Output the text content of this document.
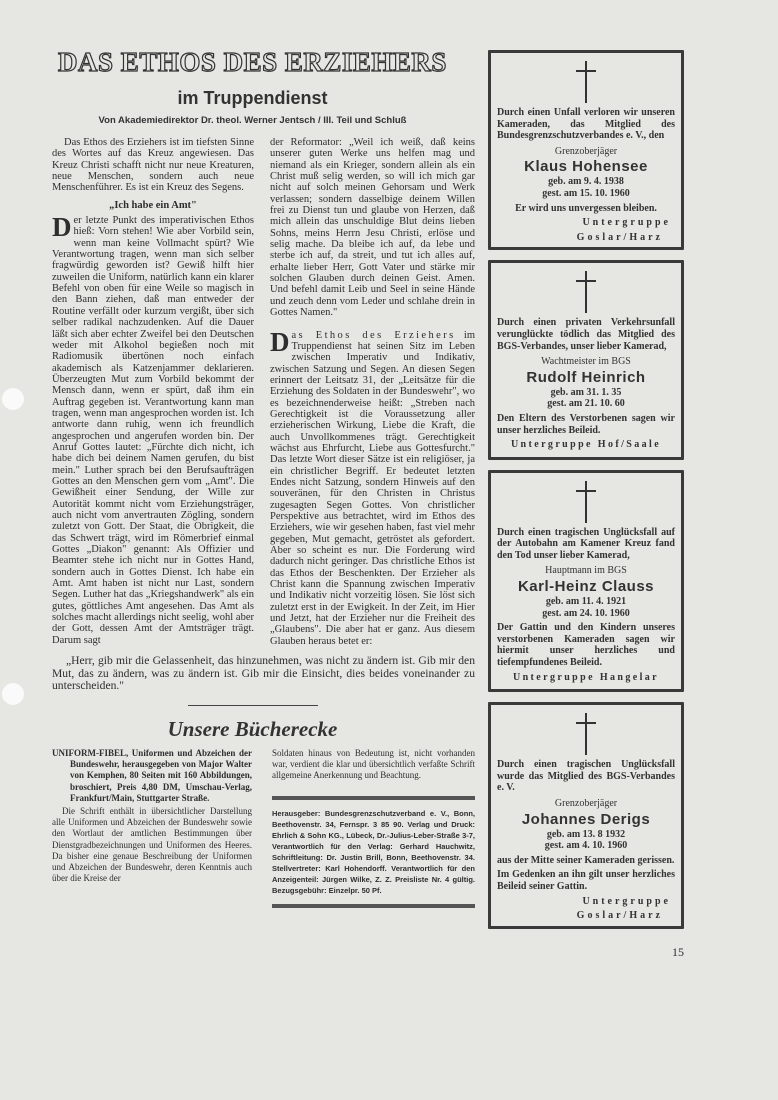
DAS ETHOS DES ERZIEHERS
im Truppendienst
Von Akademiedirektor Dr. theol. Werner Jentsch / III. Teil und Schluß

Das Ethos des Erziehers ist im tiefsten Sinne des Wortes auf das Kreuz angewiesen. Das Kreuz Christi schafft nicht nur neue Kreaturen, neue Menschen, sondern auch neue Menschenführer. Es ist ein Kreuz des Segens.

„Ich habe ein Amt"

Der letzte Punkt des imperativischen Ethos hieß: Vorn stehen! Wie aber Vorbild sein, wenn man keine Vollmacht spürt? Wie Verantwortung tragen, wenn man sich selber fragwürdig geworden ist? Gewiß hilft hier zuweilen die Uniform, natürlich kann ein klarer Befehl von oben für eine Weile so magisch in den Bann ziehen, daß man entweder der Routine verfällt oder kurzum vergißt, über sich selber radikal nachzudenken. Auf die Dauer läßt sich aber echter Zweifel bei den Deutschen weder mit Alkohol begießen noch mit Radiomusik übertönen noch einfach akademisch als Katzenjammer deklarieren. Überzeugten Mut zum Vorbild bekommt der Mensch dann, wenn er spürt, daß ihm ein Auftrag gegeben ist. Verantwortung kann man tragen, wenn man angesprochen worden ist. Ich antworte dann ruhig, wenn ich freundlich angesprochen und angerufen worden bin. Der Anruf Gottes lautet: „Fürchte dich nicht, ich habe dich bei deinem Namen gerufen, du bist mein." Luther sprach bei den Berufsaufträgen Gottes an den Menschen gern vom „Amt". Die Gewißheit einer Sendung, der Wille zur Autorität kommt nicht vom Erziehungsträger, auch nicht vom anvertrauten Zögling, sondern zuletzt von Gott. Der Staat, die Obrigkeit, die das Schwert trägt, wird im Römerbrief einmal Gottes „Diakon" genannt: Als Offizier und Beamter stehe ich nicht nur in Gottes Hand, sondern auch in Gottes Dienst. Ich habe ein Amt. Amt haben ist nicht nur Last, sondern Segen. Luther hat das „Kriegshandwerk" als ein gutes, göttliches Amt angesehen. Das Amt als solches macht allerdings nicht seelig, wohl aber der Gott, dessen Amt der Amtsträger trägt. Darum sagt

der Reformator: „Weil ich weiß, daß keins unserer guten Werke uns helfen mag und niemand als ein Krieger, sondern allein als ein Christ muß selig werden, so will ich mich gar nicht auf solch meinen Gehorsam und Werk verlassen; sondern dasselbige deinem Willen frei zu Dienst tun und glaube von Herzen, daß mich allein das unschuldige Blut deins lieben Sohns, meins Herrn Jesu Christi, erlöse und selig mache. Da bleibe ich auf, da lebe und sterbe ich auf, da streit, und tut ich alles auf, erhalte lieber Herr, Gott Vater und stärke mir solchen Glauben durch deinen Geist. Amen. Und befehl damit Leib und Seel in seine Hände und zeuch denn vom Leder und schlahe drein in Gottes Namen."

Das Ethos des Erziehers im Truppendienst hat seinen Sitz im Leben zwischen Imperativ und Indikativ, zwischen Satzung und Segen. An diesen Segen erinnert der Leitsatz 31, der „Leitsätze für die Erziehung des Soldaten in der Bundeswehr", wo es bezeichnenderweise heißt: „Streben nach Gerechtigkeit ist die Voraussetzung aller erzieherischen Wirkung, Liebe die Kraft, die auch Unvollkommenes trägt. Gerechtigkeit wächst aus Ehrfurcht, Liebe aus Gottesfurcht." Das letzte Wort dieser Sätze ist ein religiöser, ja ein christlicher Begriff. Er bedeutet letzten Endes nicht Satzung, sondern Hinweis auf den souveränen, für den Christen in Christus zugesagten Segen Gottes. Von christlicher Perspektive aus betrachtet, wird im Ethos des Erziehers, wie wir gesehen haben, fast viel mehr gegeben, Mut gemacht, getröstet als gefordert. Aber so scheint es nur. Die Forderung wird dadurch nicht geringer. Das christliche Ethos ist das Ethos der Beschenkten. Der Erzieher als Christ kann die Spannung zwischen Imperativ und Indikativ nicht vorzeitig lösen. Sie löst sich zuletzt erst in der Ewigkeit. In der Zeit, im Hier und Jetzt, hat der Erzieher nur die Freiheit des „Glaubens". Die aber hat er ganz. Aus diesem Glauben heraus betet er:

„Herr, gib mir die Gelassenheit, das hinzunehmen, was nicht zu ändern ist. Gib mir den Mut, das zu ändern, was zu ändern ist. Gib mir die Einsicht, dies beides voneinander zu unterscheiden."
Unsere Bücherecke
UNIFORM-FIBEL, Uniformen und Abzeichen der Bundeswehr, herausgegeben von Major Walter von Kemphen, 80 Seiten mit 160 Abbildungen, broschiert, Preis 4,80 DM, Umschau-Verlag, Frankfurt/Main, Stuttgarter Straße.
Die Schrift enthält in übersichtlicher Darstellung alle Uniformen und Abzeichen der Bundeswehr sowie den Wortlaut der amtlichen Bestimmungen über Dienstgradbezeichnungen und Uniformen des Heeres. Da bisher eine genaue Beschreibung der Uniformen und Abzeichen der Bundeswehr, deren Kenntnis auch über die Kreise der
Soldaten hinaus von Bedeutung ist, nicht vorhanden war, verdient die klar und übersichtlich verfaßte Schrift allgemeine Anerkennung und Beachtung.
Herausgeber: Bundesgrenzschutzverband e. V., Bonn, Beethovenstr. 34, Fernspr. 3 85 90. Verlag und Druck: Ehrlich & Sohn KG., Lübeck, Dr.-Julius-Leber-Straße 3-7, Verantwortlich für den Verlag: Gerhard Hauchwitz, Schriftleitung: Dr. Justin Brill, Bonn, Beethovenstr. 34. Stellvertreter: Karl Hohendorff. Verantwortlich für den Anzeigenteil: Jürgen Wilke, Z. Z. Preisliste Nr. 4 gültig. Bezugsgebühr: Einzelpr. 50 Pf.
Durch einen Unfall verloren wir unseren Kameraden, das Mitglied des Bundesgrenzschutzverbandes e. V., den
Grenzoberjäger
Klaus Hohensee
geb. am 9. 4. 1938
gest. am 15. 10. 1960
Er wird uns unvergessen bleiben.
Untergruppe
Goslar/Harz
Durch einen privaten Verkehrsunfall verunglückte tödlich das Mitglied des BGS-Verbandes, unser lieber Kamerad,
Wachtmeister im BGS
Rudolf Heinrich
geb. am 31. 1. 35
gest. am 21. 10. 60
Den Eltern des Verstorbenen sagen wir unser herzliches Beileid.
Untergruppe Hof/Saale
Durch einen tragischen Unglücksfall auf der Autobahn am Kamener Kreuz fand den Tod unser lieber Kamerad,
Hauptmann im BGS
Karl-Heinz Clauss
geb. am 11. 4. 1921
gest. am 24. 10. 1960
Der Gattin und den Kindern unseres verstorbenen Kameraden sagen wir hiermit unser herzliches und tiefempfundenes Beileid.
Untergruppe Hangelar
Durch einen tragischen Unglücksfall wurde das Mitglied des BGS-Verbandes e. V.
Grenzoberjäger
Johannes Derigs
geb. am 13. 8 1932
gest. am 4. 10. 1960
aus der Mitte seiner Kameraden gerissen.
Im Gedenken an ihn gilt unser herzliches Beileid seiner Gattin.
Untergruppe
Goslar/Harz
15
